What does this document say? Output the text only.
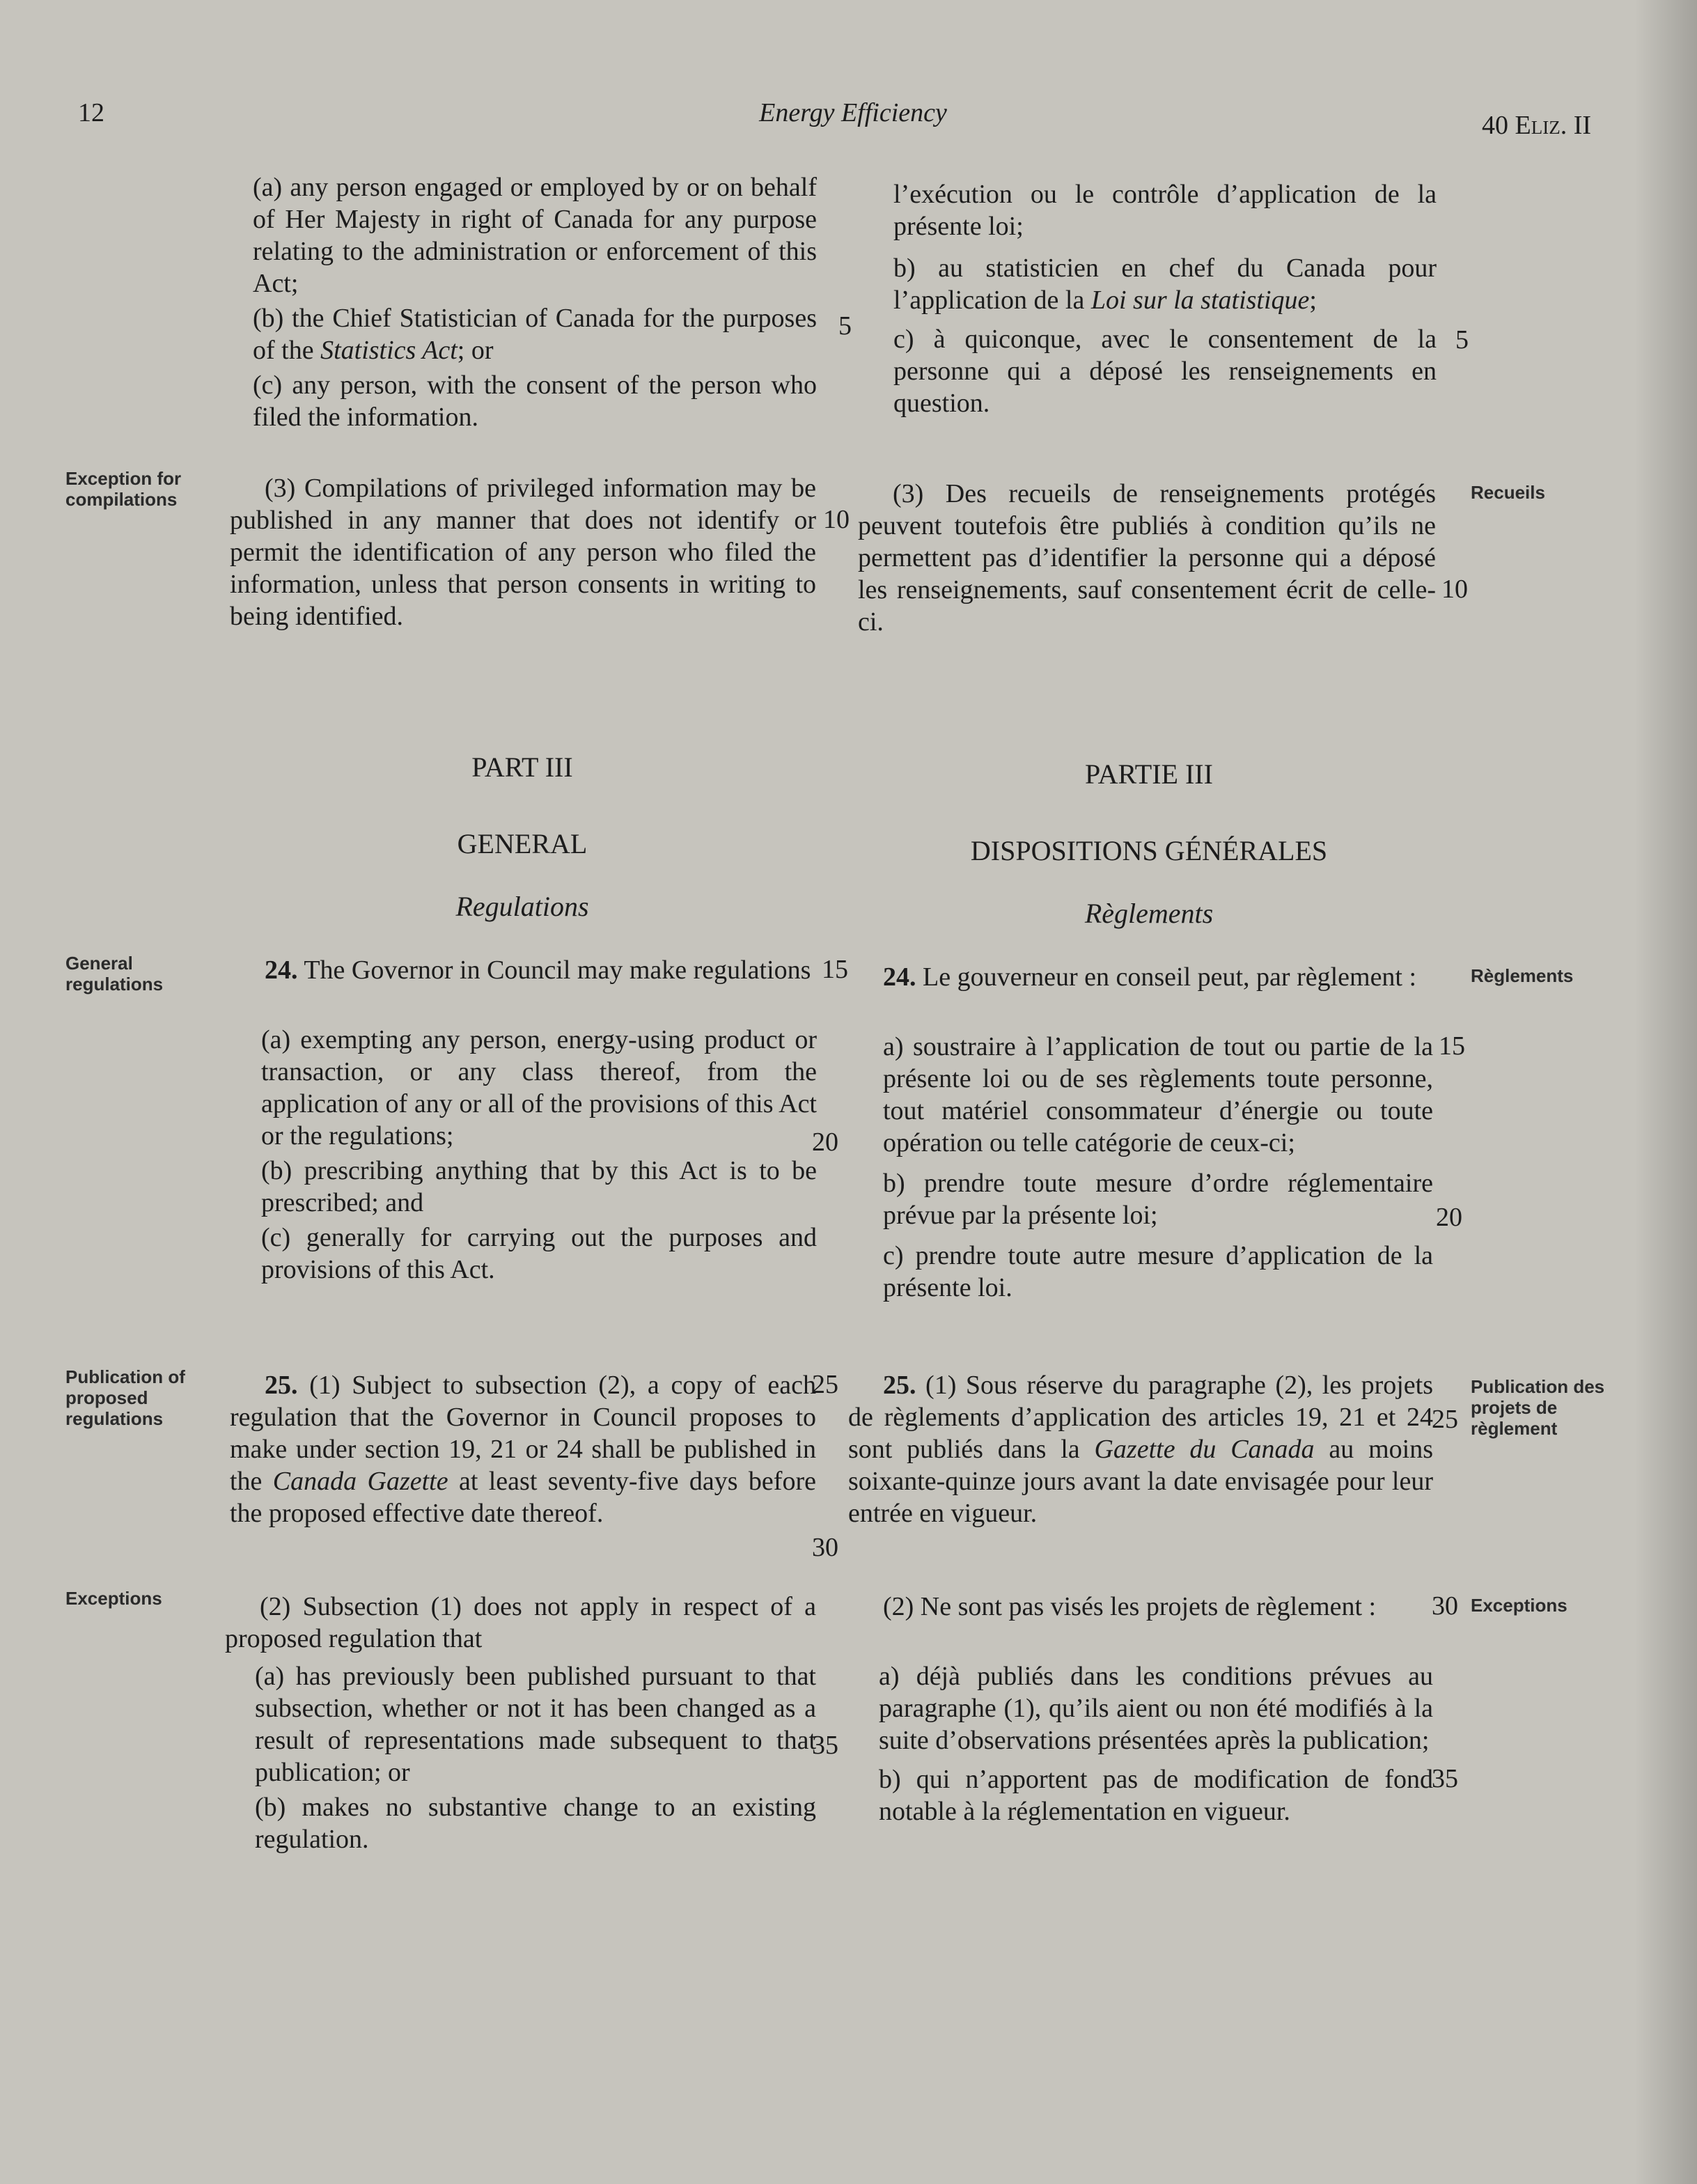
12	Energy Efficiency	40 Eliz. II

(a) any person engaged or employed by or on behalf of Her Majesty in right of Canada for any purpose relating to the administration or enforcement of this Act;

(b) the Chief Statistician of Canada for the purposes of the Statistics Act; or

(c) any person, with the consent of the person who filed the information.

(3) Compilations of privileged information may be published in any manner that does not identify or permit the identification of any person who filed the information, unless that person consents in writing to being identified.

PART III
GENERAL
Regulations

24. The Governor in Council may make regulations

(a) exempting any person, energy-using product or transaction, or any class thereof, from the application of any or all of the provisions of this Act or the regulations;

(b) prescribing anything that by this Act is to be prescribed; and

(c) generally for carrying out the purposes and provisions of this Act.

25. (1) Subject to subsection (2), a copy of each regulation that the Governor in Council proposes to make under section 19, 21 or 24 shall be published in the Canada Gazette at least seventy-five days before the proposed effective date thereof.

(2) Subsection (1) does not apply in respect of a proposed regulation that

(a) has previously been published pursuant to that subsection, whether or not it has been changed as a result of representations made subsequent to that publication; or

(b) makes no substantive change to an existing regulation.

l’exécution ou le contrôle d’application de la présente loi;

b) au statisticien en chef du Canada pour l’application de la Loi sur la statistique;

c) à quiconque, avec le consentement de la personne qui a déposé les renseignements en question.

(3) Des recueils de renseignements protégés peuvent toutefois être publiés à condition qu’ils ne permettent pas d’identifier la personne qui a déposé les renseignements, sauf consentement écrit de celle-ci.

PARTIE III
DISPOSITIONS GÉNÉRALES
Règlements

24. Le gouverneur en conseil peut, par règlement :

a) soustraire à l’application de tout ou partie de la présente loi ou de ses règlements toute personne, tout matériel consommateur d’énergie ou toute opération ou telle catégorie de ceux-ci;

b) prendre toute mesure d’ordre réglementaire prévue par la présente loi;

c) prendre toute autre mesure d’application de la présente loi.

25. (1) Sous réserve du paragraphe (2), les projets de règlements d’application des articles 19, 21 et 24 sont publiés dans la Gazette du Canada au moins soixante-quinze jours avant la date envisagée pour leur entrée en vigueur.

(2) Ne sont pas visés les projets de règlement :

a) déjà publiés dans les conditions prévues au paragraphe (1), qu’ils aient ou non été modifiés à la suite d’observations présentées après la publication;

b) qui n’apportent pas de modification de fond notable à la réglementation en vigueur.

Exception for compilations	Recueils
General regulations	Règlements
Publication of proposed regulations
Publication des projets de règlement
Exceptions	Exceptions
5
10
15
20
25
30
35
5
10
15
20
25
30
35
